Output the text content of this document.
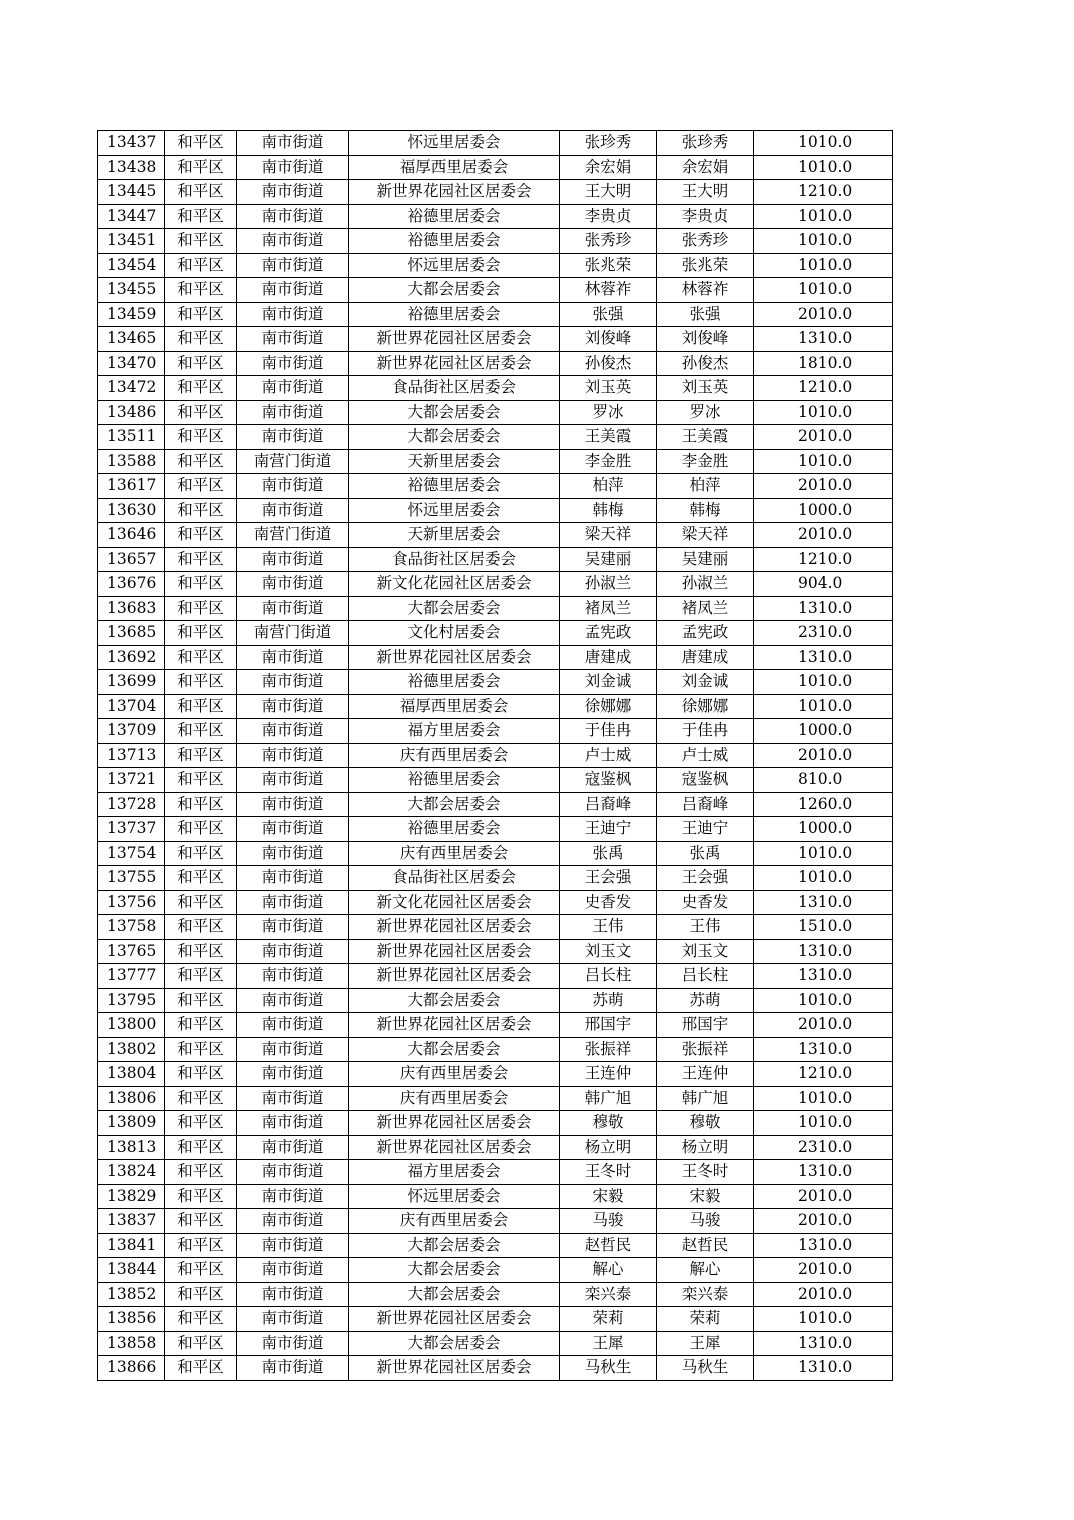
13437	和平区	南市街道	怀远里居委会	张珍秀	张珍秀	1010.0
13438	和平区	南市街道	福厚西里居委会	余宏娟	余宏娟	1010.0
13445	和平区	南市街道	新世界花园社区居委会	王大明	王大明	1210.0
13447	和平区	南市街道	裕德里居委会	李贵贞	李贵贞	1010.0
13451	和平区	南市街道	裕德里居委会	张秀珍	张秀珍	1010.0
13454	和平区	南市街道	怀远里居委会	张兆荣	张兆荣	1010.0
13455	和平区	南市街道	大都会居委会	林蓉祚	林蓉祚	1010.0
13459	和平区	南市街道	裕德里居委会	张强	张强	2010.0
13465	和平区	南市街道	新世界花园社区居委会	刘俊峰	刘俊峰	1310.0
13470	和平区	南市街道	新世界花园社区居委会	孙俊杰	孙俊杰	1810.0
13472	和平区	南市街道	食品街社区居委会	刘玉英	刘玉英	1210.0
13486	和平区	南市街道	大都会居委会	罗冰	罗冰	1010.0
13511	和平区	南市街道	大都会居委会	王美霞	王美霞	2010.0
13588	和平区	南营门街道	天新里居委会	李金胜	李金胜	1010.0
13617	和平区	南市街道	裕德里居委会	柏萍	柏萍	2010.0
13630	和平区	南市街道	怀远里居委会	韩梅	韩梅	1000.0
13646	和平区	南营门街道	天新里居委会	梁天祥	梁天祥	2010.0
13657	和平区	南市街道	食品街社区居委会	吴建丽	吴建丽	1210.0
13676	和平区	南市街道	新文化花园社区居委会	孙淑兰	孙淑兰	904.0
13683	和平区	南市街道	大都会居委会	褚凤兰	褚凤兰	1310.0
13685	和平区	南营门街道	文化村居委会	孟宪政	孟宪政	2310.0
13692	和平区	南市街道	新世界花园社区居委会	唐建成	唐建成	1310.0
13699	和平区	南市街道	裕德里居委会	刘金诚	刘金诚	1010.0
13704	和平区	南市街道	福厚西里居委会	徐娜娜	徐娜娜	1010.0
13709	和平区	南市街道	福方里居委会	于佳冉	于佳冉	1000.0
13713	和平区	南市街道	庆有西里居委会	卢士威	卢士威	2010.0
13721	和平区	南市街道	裕德里居委会	寇鉴枫	寇鉴枫	810.0
13728	和平区	南市街道	大都会居委会	吕裔峰	吕裔峰	1260.0
13737	和平区	南市街道	裕德里居委会	王迪宁	王迪宁	1000.0
13754	和平区	南市街道	庆有西里居委会	张禹	张禹	1010.0
13755	和平区	南市街道	食品街社区居委会	王会强	王会强	1010.0
13756	和平区	南市街道	新文化花园社区居委会	史香发	史香发	1310.0
13758	和平区	南市街道	新世界花园社区居委会	王伟	王伟	1510.0
13765	和平区	南市街道	新世界花园社区居委会	刘玉文	刘玉文	1310.0
13777	和平区	南市街道	新世界花园社区居委会	吕长柱	吕长柱	1310.0
13795	和平区	南市街道	大都会居委会	苏萌	苏萌	1010.0
13800	和平区	南市街道	新世界花园社区居委会	邢国宇	邢国宇	2010.0
13802	和平区	南市街道	大都会居委会	张振祥	张振祥	1310.0
13804	和平区	南市街道	庆有西里居委会	王连仲	王连仲	1210.0
13806	和平区	南市街道	庆有西里居委会	韩广旭	韩广旭	1010.0
13809	和平区	南市街道	新世界花园社区居委会	穆敬	穆敬	1010.0
13813	和平区	南市街道	新世界花园社区居委会	杨立明	杨立明	2310.0
13824	和平区	南市街道	福方里居委会	王冬时	王冬时	1310.0
13829	和平区	南市街道	怀远里居委会	宋毅	宋毅	2010.0
13837	和平区	南市街道	庆有西里居委会	马骏	马骏	2010.0
13841	和平区	南市街道	大都会居委会	赵哲民	赵哲民	1310.0
13844	和平区	南市街道	大都会居委会	解心	解心	2010.0
13852	和平区	南市街道	大都会居委会	栾兴泰	栾兴泰	2010.0
13856	和平区	南市街道	新世界花园社区居委会	荣莉	荣莉	1010.0
13858	和平区	南市街道	大都会居委会	王犀	王犀	1310.0
13866	和平区	南市街道	新世界花园社区居委会	马秋生	马秋生	1310.0
